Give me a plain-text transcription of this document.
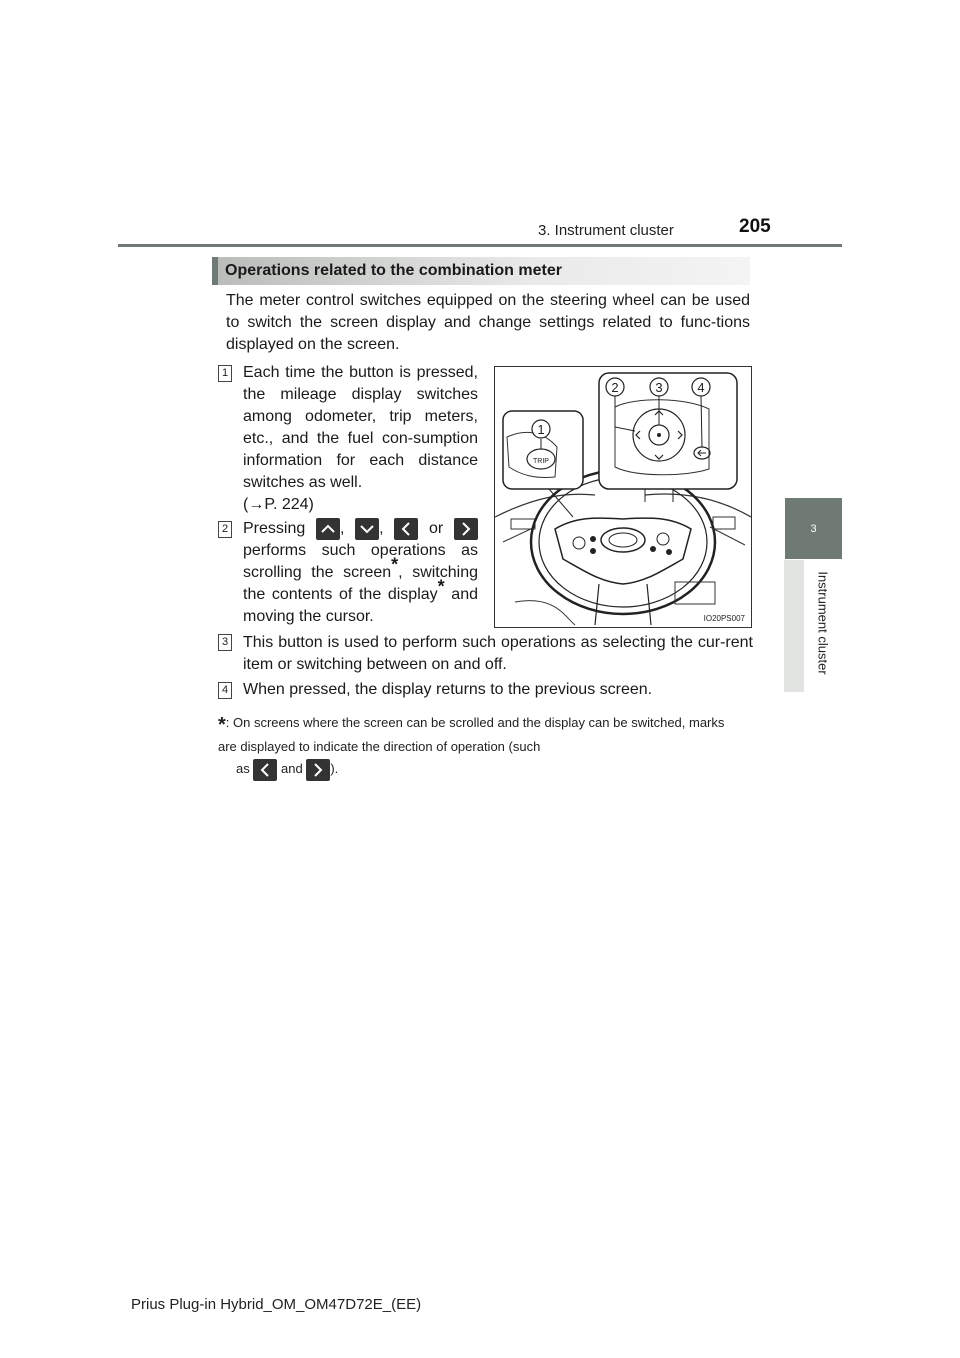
3. Instrument cluster	205
3
Instrument cluster
Operations related to the combination meter
The meter control switches equipped on the steering wheel can be used to switch the screen display and change settings related to func-tions displayed on the screen.
1 Each time the button is pressed, the mileage display switches among odometer, trip meters, etc., and the fuel con-sumption information for each distance switches as well.
(→P. 224)
2 Pressing , ,	or
performs such operations as scrolling the screen*, switching the contents of the display* and moving the cursor.
3 This button is used to perform such operations as selecting the cur-rent item or switching between on and off.
4 When pressed, the display returns to the previous screen.
*: On screens where the screen can be scrolled and the display can be switched, marks are displayed to indicate the direction of operation (such
as and ).
TRIP
1
2	3	4
IO20PS007
Prius Plug-in Hybrid_OM_OM47D72E_(EE)
